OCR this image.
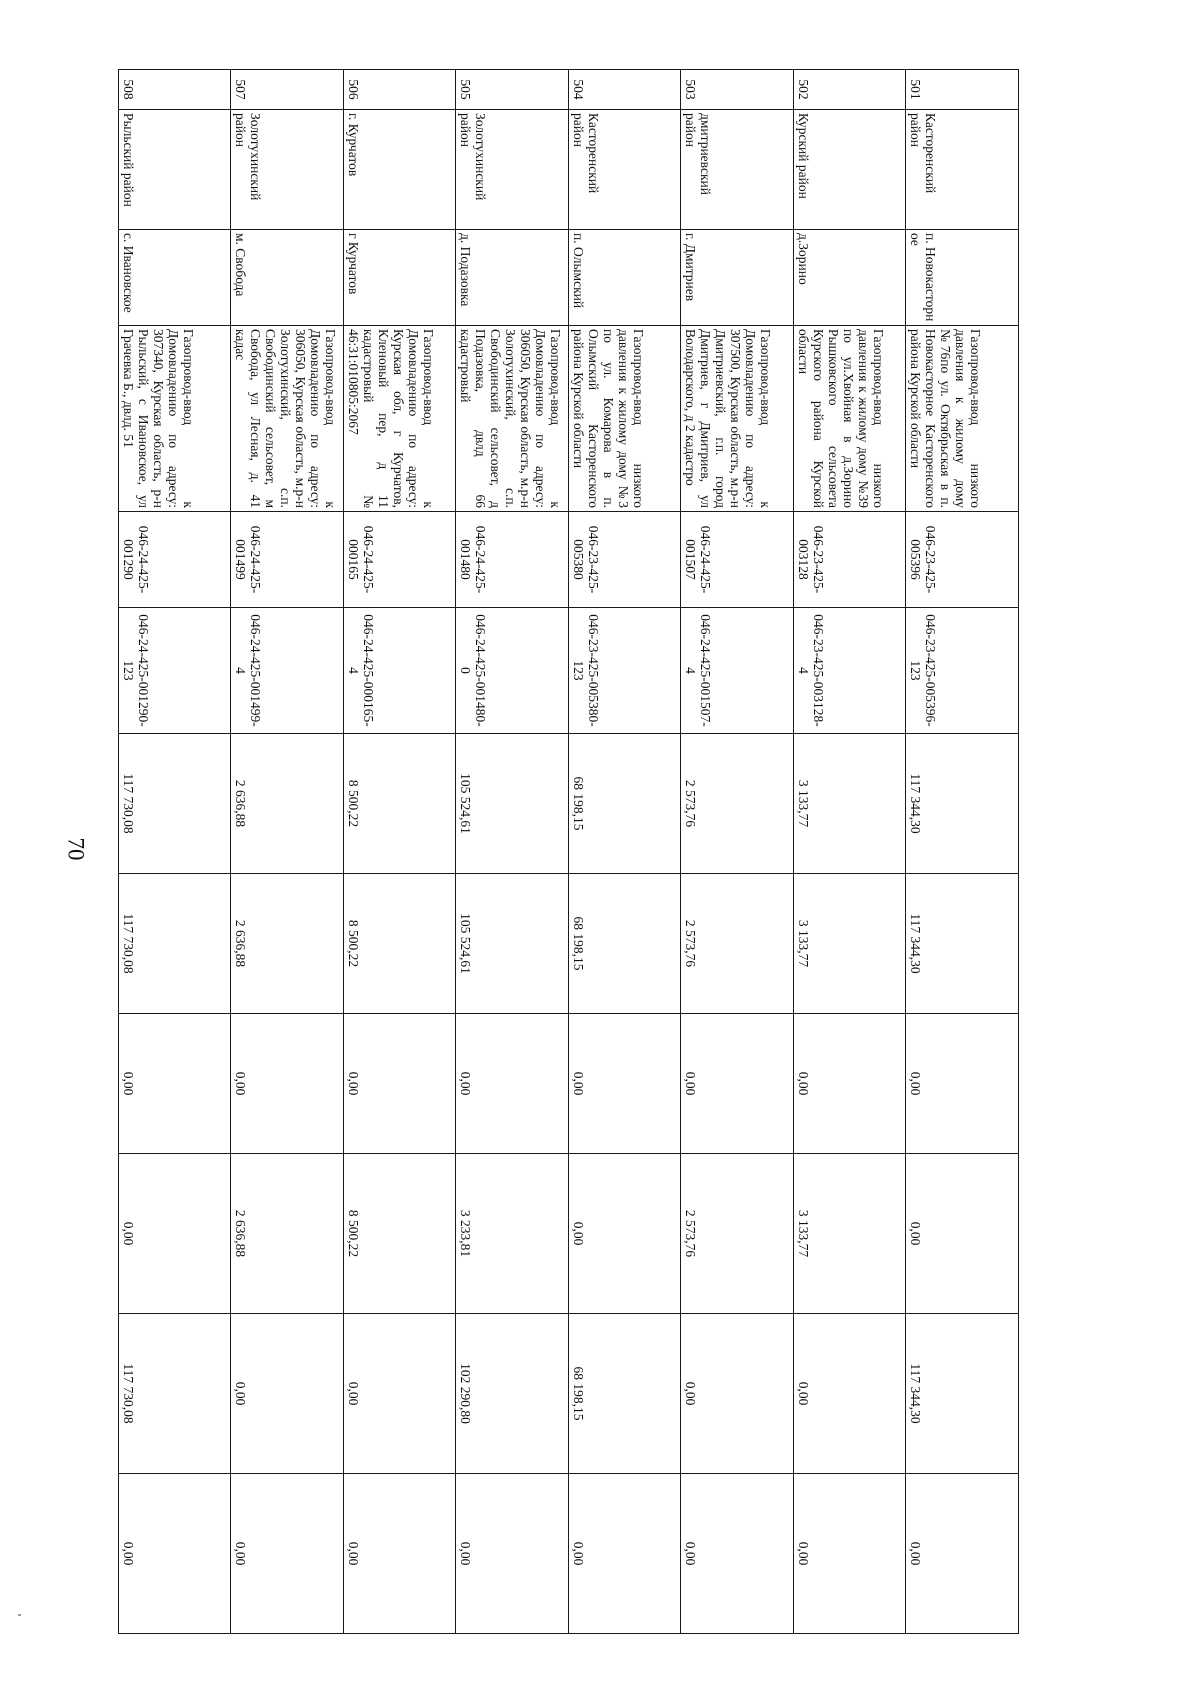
70
501	Касторенский район	п. Новокасторн ое	Газопровод-ввод низкого давления к жилому дому №76по ул. Октябрьская в п. Новокасторное Касторенского района Курской области	046-23-425-005396	046-23-425-005396-123	117 344,30	117 344,30	0,00	0,00	117 344,30	0,00
502	Курский район	д.Зорино	Газопровод-ввод низкого давления к жилому дому №39 по ул.Хвойная в д.Зорино Рышковского сельсовета Курского района Курской области	046-23-425-003128	046-23-425-003128-4	3 133,77	3 133,77	0,00	3 133,77	0,00	0,00
503	дмитриевский район	г. Дмитриев	Газопровод-ввод к Домовладению по адресу: 307500, Курская область, м.р-н Дмитриевский, г.п. город Дмитриев, г Дмитриев, ул Володарского, д 2 кадастро	046-24-425-001507	046-24-425-001507-4	2 573,76	2 573,76	0,00	2 573,76	0,00	0,00
504	Касторенский район	п. Олымский	Газопровод-ввод низкого давления к жилому дому №3 по ул. Комарова в п. Олымский Касторенского района Курской области	046-23-425-005380	046-23-425-005380-123	68 198,15	68 198,15	0,00	0,00	68 198,15	0,00
505	Золотухинский район	д. Подазовка	Газопровод-ввод к Домовладению по адресу: 306050, Курская область, м.р-н Золотухинский, с.п. Свободинский сельсовет, д Подазовка, двлд 66 кадастровый	046-24-425-001480	046-24-425-001480-0	105 524,61	105 524,61	0,00	3 233,81	102 290,80	0,00
506	г. Курчатов	г Курчатов	Газопровод-ввод к Домовладению по адресу: Курская обл, г Курчатов, Кленовый пер, д 11 кадастровый № 46:31:010805:2067	046-24-425-000165	046-24-425-000165-4	8 500,22	8 500,22	0,00	8 500,22	0,00	0,00
507	Золотухинский район	м. Свобода	Газопровод-ввод к Домовладению по адресу: 306050, Курская область, м.р-н Золотухинский, с.п. Свободинский сельсовет, м Свобода, ул Лесная, д. 41 кадас	046-24-425-001499	046-24-425-001499-4	2 636,88	2 636,88	0,00	2 636,88	0,00	0,00
508	Рыльский район	с. Ивановское	Газопровод-ввод к Домовладению по адресу: 307340, Курская область, р-н Рыльский, с Ивановское, ул Грачевка Б., двлд. 51	046-24-425-001290	046-24-425-001290-123	117 730,08	117 730,08	0,00	0,00	117 730,08	0,00
